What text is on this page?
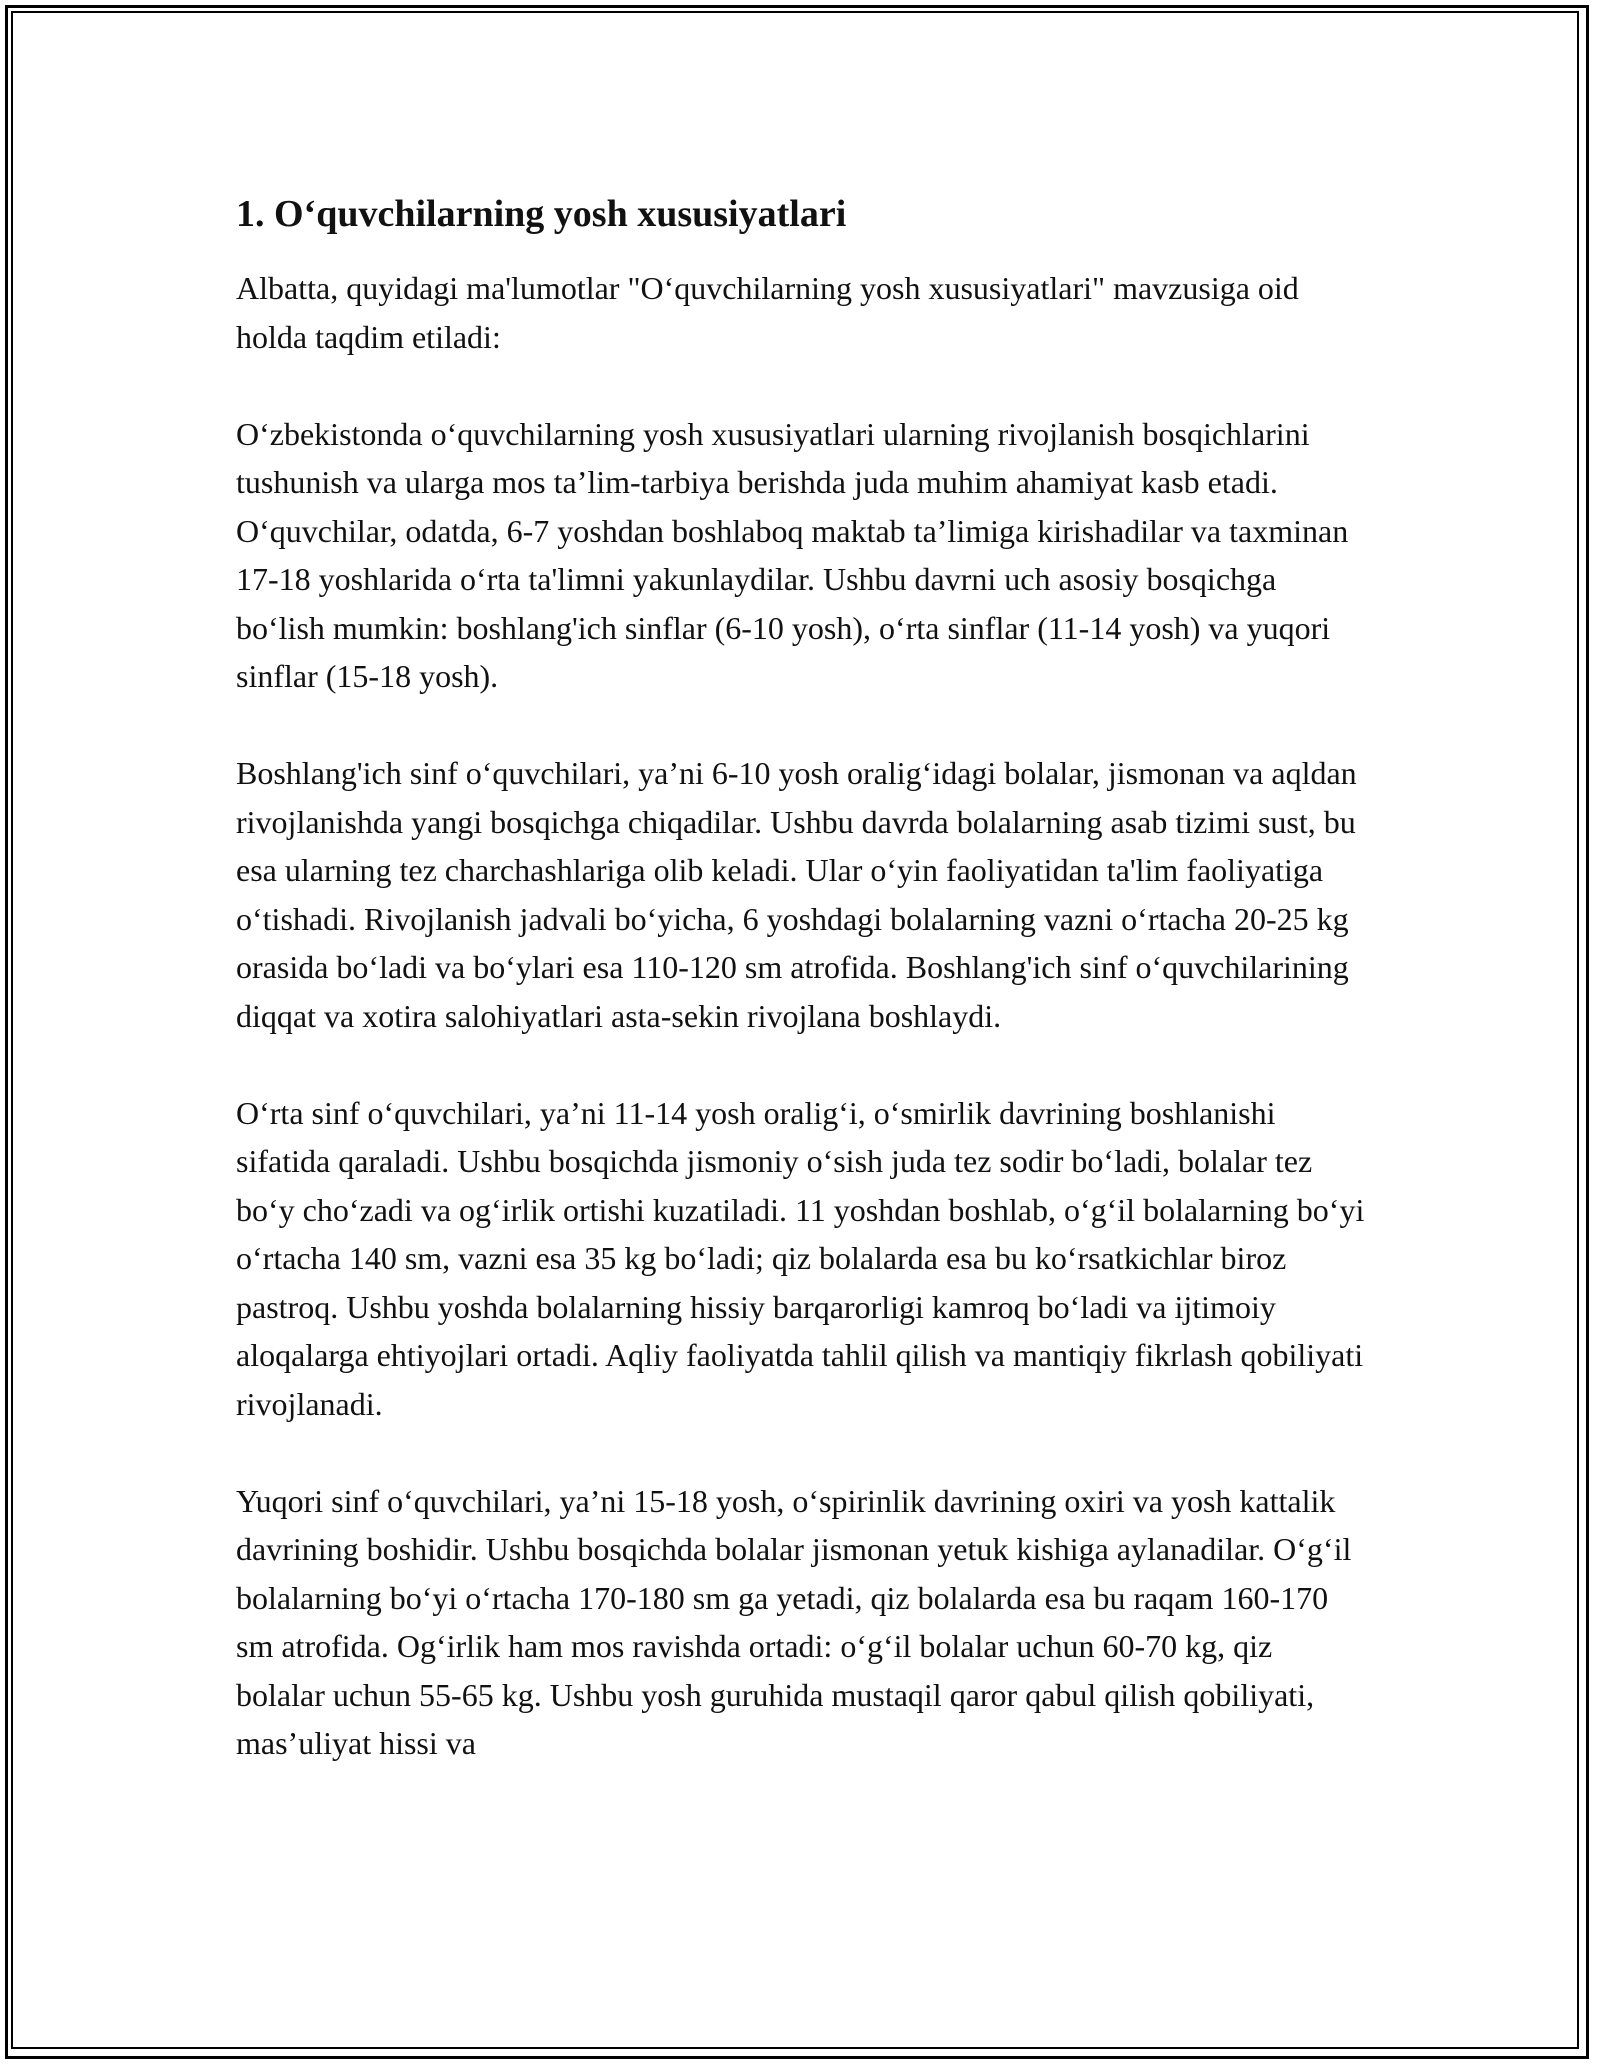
1. O‘quvchilarning yosh xususiyatlari

Albatta, quyidagi ma'lumotlar "O‘quvchilarning yosh xususiyatlari" mavzusiga oid holda taqdim etiladi:

O‘zbekistonda o‘quvchilarning yosh xususiyatlari ularning rivojlanish bosqichlarini tushunish va ularga mos ta’lim-tarbiya berishda juda muhim ahamiyat kasb etadi. O‘quvchilar, odatda, 6-7 yoshdan boshlaboq maktab ta’limiga kirishadilar va taxminan 17-18 yoshlarida o‘rta ta'limni yakunlaydilar. Ushbu davrni uch asosiy bosqichga bo‘lish mumkin: boshlang'ich sinflar (6-10 yosh), o‘rta sinflar (11-14 yosh) va yuqori sinflar (15-18 yosh).

Boshlang'ich sinf o‘quvchilari, ya’ni 6-10 yosh oralig‘idagi bolalar, jismonan va aqldan rivojlanishda yangi bosqichga chiqadilar. Ushbu davrda bolalarning asab tizimi sust, bu esa ularning tez charchashlariga olib keladi. Ular o‘yin faoliyatidan ta'lim faoliyatiga o‘tishadi. Rivojlanish jadvali bo‘yicha, 6 yoshdagi bolalarning vazni o‘rtacha 20-25 kg orasida bo‘ladi va bo‘ylari esa 110-120 sm atrofida. Boshlang'ich sinf o‘quvchilarining diqqat va xotira salohiyatlari asta-sekin rivojlana boshlaydi.

O‘rta sinf o‘quvchilari, ya’ni 11-14 yosh oralig‘i, o‘smirlik davrining boshlanishi sifatida qaraladi. Ushbu bosqichda jismoniy o‘sish juda tez sodir bo‘ladi, bolalar tez bo‘y cho‘zadi va og‘irlik ortishi kuzatiladi. 11 yoshdan boshlab, o‘g‘il bolalarning bo‘yi o‘rtacha 140 sm, vazni esa 35 kg bo‘ladi; qiz bolalarda esa bu ko‘rsatkichlar biroz pastroq. Ushbu yoshda bolalarning hissiy barqarorligi kamroq bo‘ladi va ijtimoiy aloqalarga ehtiyojlari ortadi. Aqliy faoliyatda tahlil qilish va mantiqiy fikrlash qobiliyati rivojlanadi.

Yuqori sinf o‘quvchilari, ya’ni 15-18 yosh, o‘spirinlik davrining oxiri va yosh kattalik davrining boshidir. Ushbu bosqichda bolalar jismonan yetuk kishiga aylanadilar. O‘g‘il bolalarning bo‘yi o‘rtacha 170-180 sm ga yetadi, qiz bolalarda esa bu raqam 160-170 sm atrofida. Og‘irlik ham mos ravishda ortadi: o‘g‘il bolalar uchun 60-70 kg, qiz bolalar uchun 55-65 kg. Ushbu yosh guruhida mustaqil qaror qabul qilish qobiliyati, mas’uliyat hissi va
